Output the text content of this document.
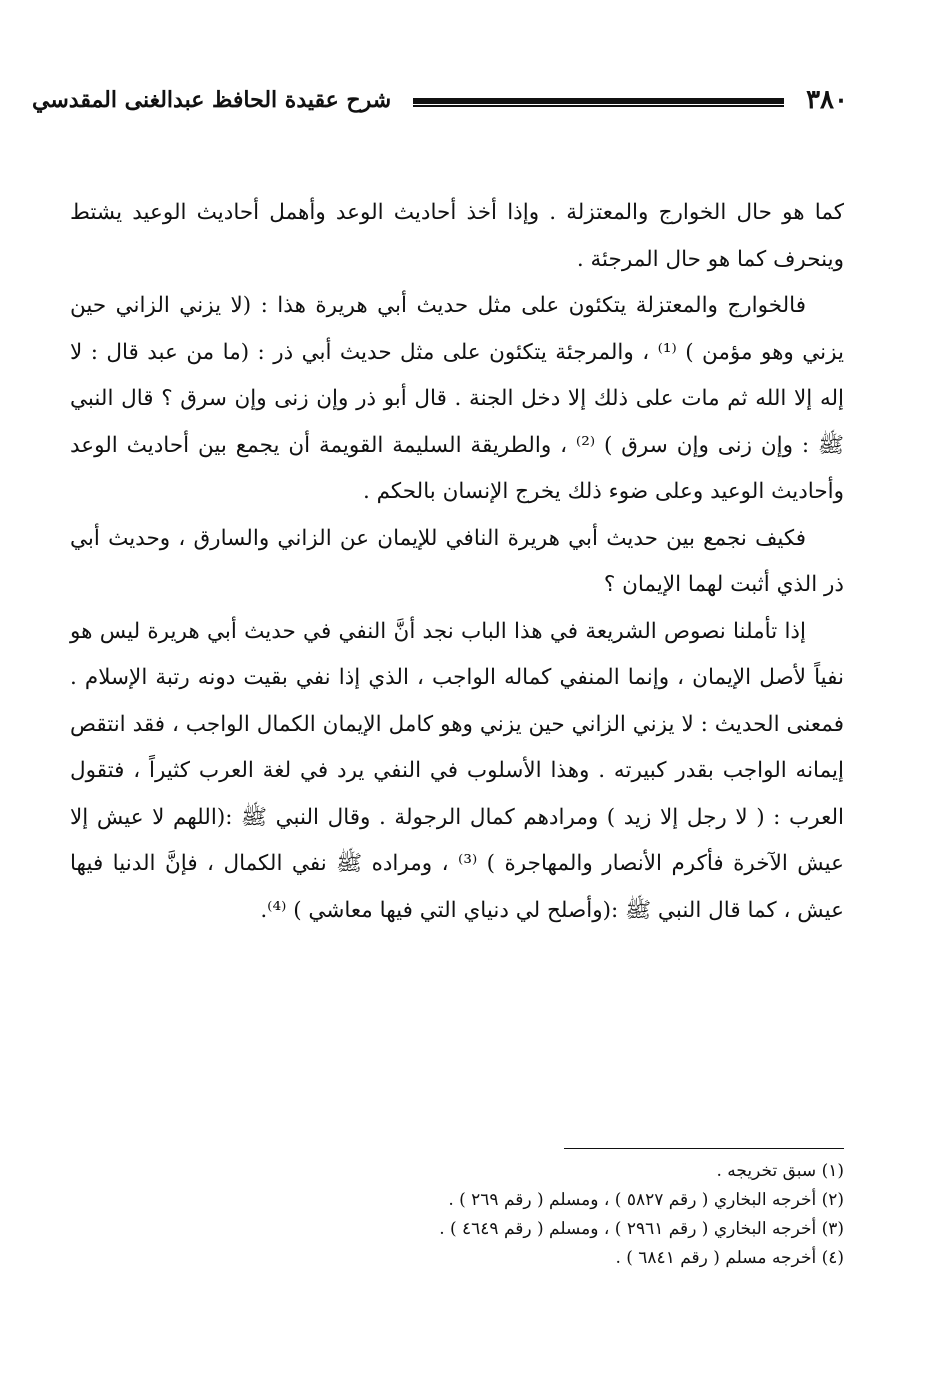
٣٨٠
شرح عقيدة الحافظ عبدالغنى المقدسي

كما هو حال الخوارج والمعتزلة . وإذا أخذ أحاديث الوعد وأهمل أحاديث الوعيد يشتط وينحرف كما هو حال المرجئة .

فالخوارج والمعتزلة يتكئون على مثل حديث أبي هريرة هذا : (لا يزني الزاني حين يزني وهو مؤمن ) ⁽¹⁾ ، والمرجئة يتكئون على مثل حديث أبي ذر : (ما من عبد قال : لا إله إلا الله ثم مات على ذلك إلا دخل الجنة . قال أبو ذر وإن زنى وإن سرق ؟ قال النبي ﷺ : وإن زنى وإن سرق ) ⁽²⁾ ، والطريقة السليمة القويمة أن يجمع بين أحاديث الوعد وأحاديث الوعيد وعلى ضوء ذلك يخرج الإنسان بالحكم .

فكيف نجمع بين حديث أبي هريرة النافي للإيمان عن الزاني والسارق ، وحديث أبي ذر الذي أثبت لهما الإيمان ؟

إذا تأملنا نصوص الشريعة في هذا الباب نجد أنَّ النفي في حديث أبي هريرة ليس هو نفياً لأصل الإيمان ، وإنما المنفي كماله الواجب ، الذي إذا نفي بقيت دونه رتبة الإسلام . فمعنى الحديث : لا يزني الزاني حين يزني وهو كامل الإيمان الكمال الواجب ، فقد انتقص إيمانه الواجب بقدر كبيرته . وهذا الأسلوب في النفي يرد في لغة العرب كثيراً ، فتقول العرب : ( لا رجل إلا زيد ) ومرادهم كمال الرجولة . وقال النبي ﷺ :(اللهم لا عيش إلا عيش الآخرة فأكرم الأنصار والمهاجرة ) ⁽³⁾ ، ومراده ﷺ نفي الكمال ، فإنَّ الدنيا فيها عيش ، كما قال النبي ﷺ :(وأصلح لي دنياي التي فيها معاشي ) ⁽⁴⁾.

(١) سبق تخريجه .
(٢) أخرجه البخاري ( رقم ٥٨٢٧ ) ، ومسلم ( رقم ٢٦٩ ) .
(٣) أخرجه البخاري ( رقم ٢٩٦١ ) ، ومسلم ( رقم ٤٦٤٩ ) .
(٤) أخرجه مسلم ( رقم ٦٨٤١ ) .
